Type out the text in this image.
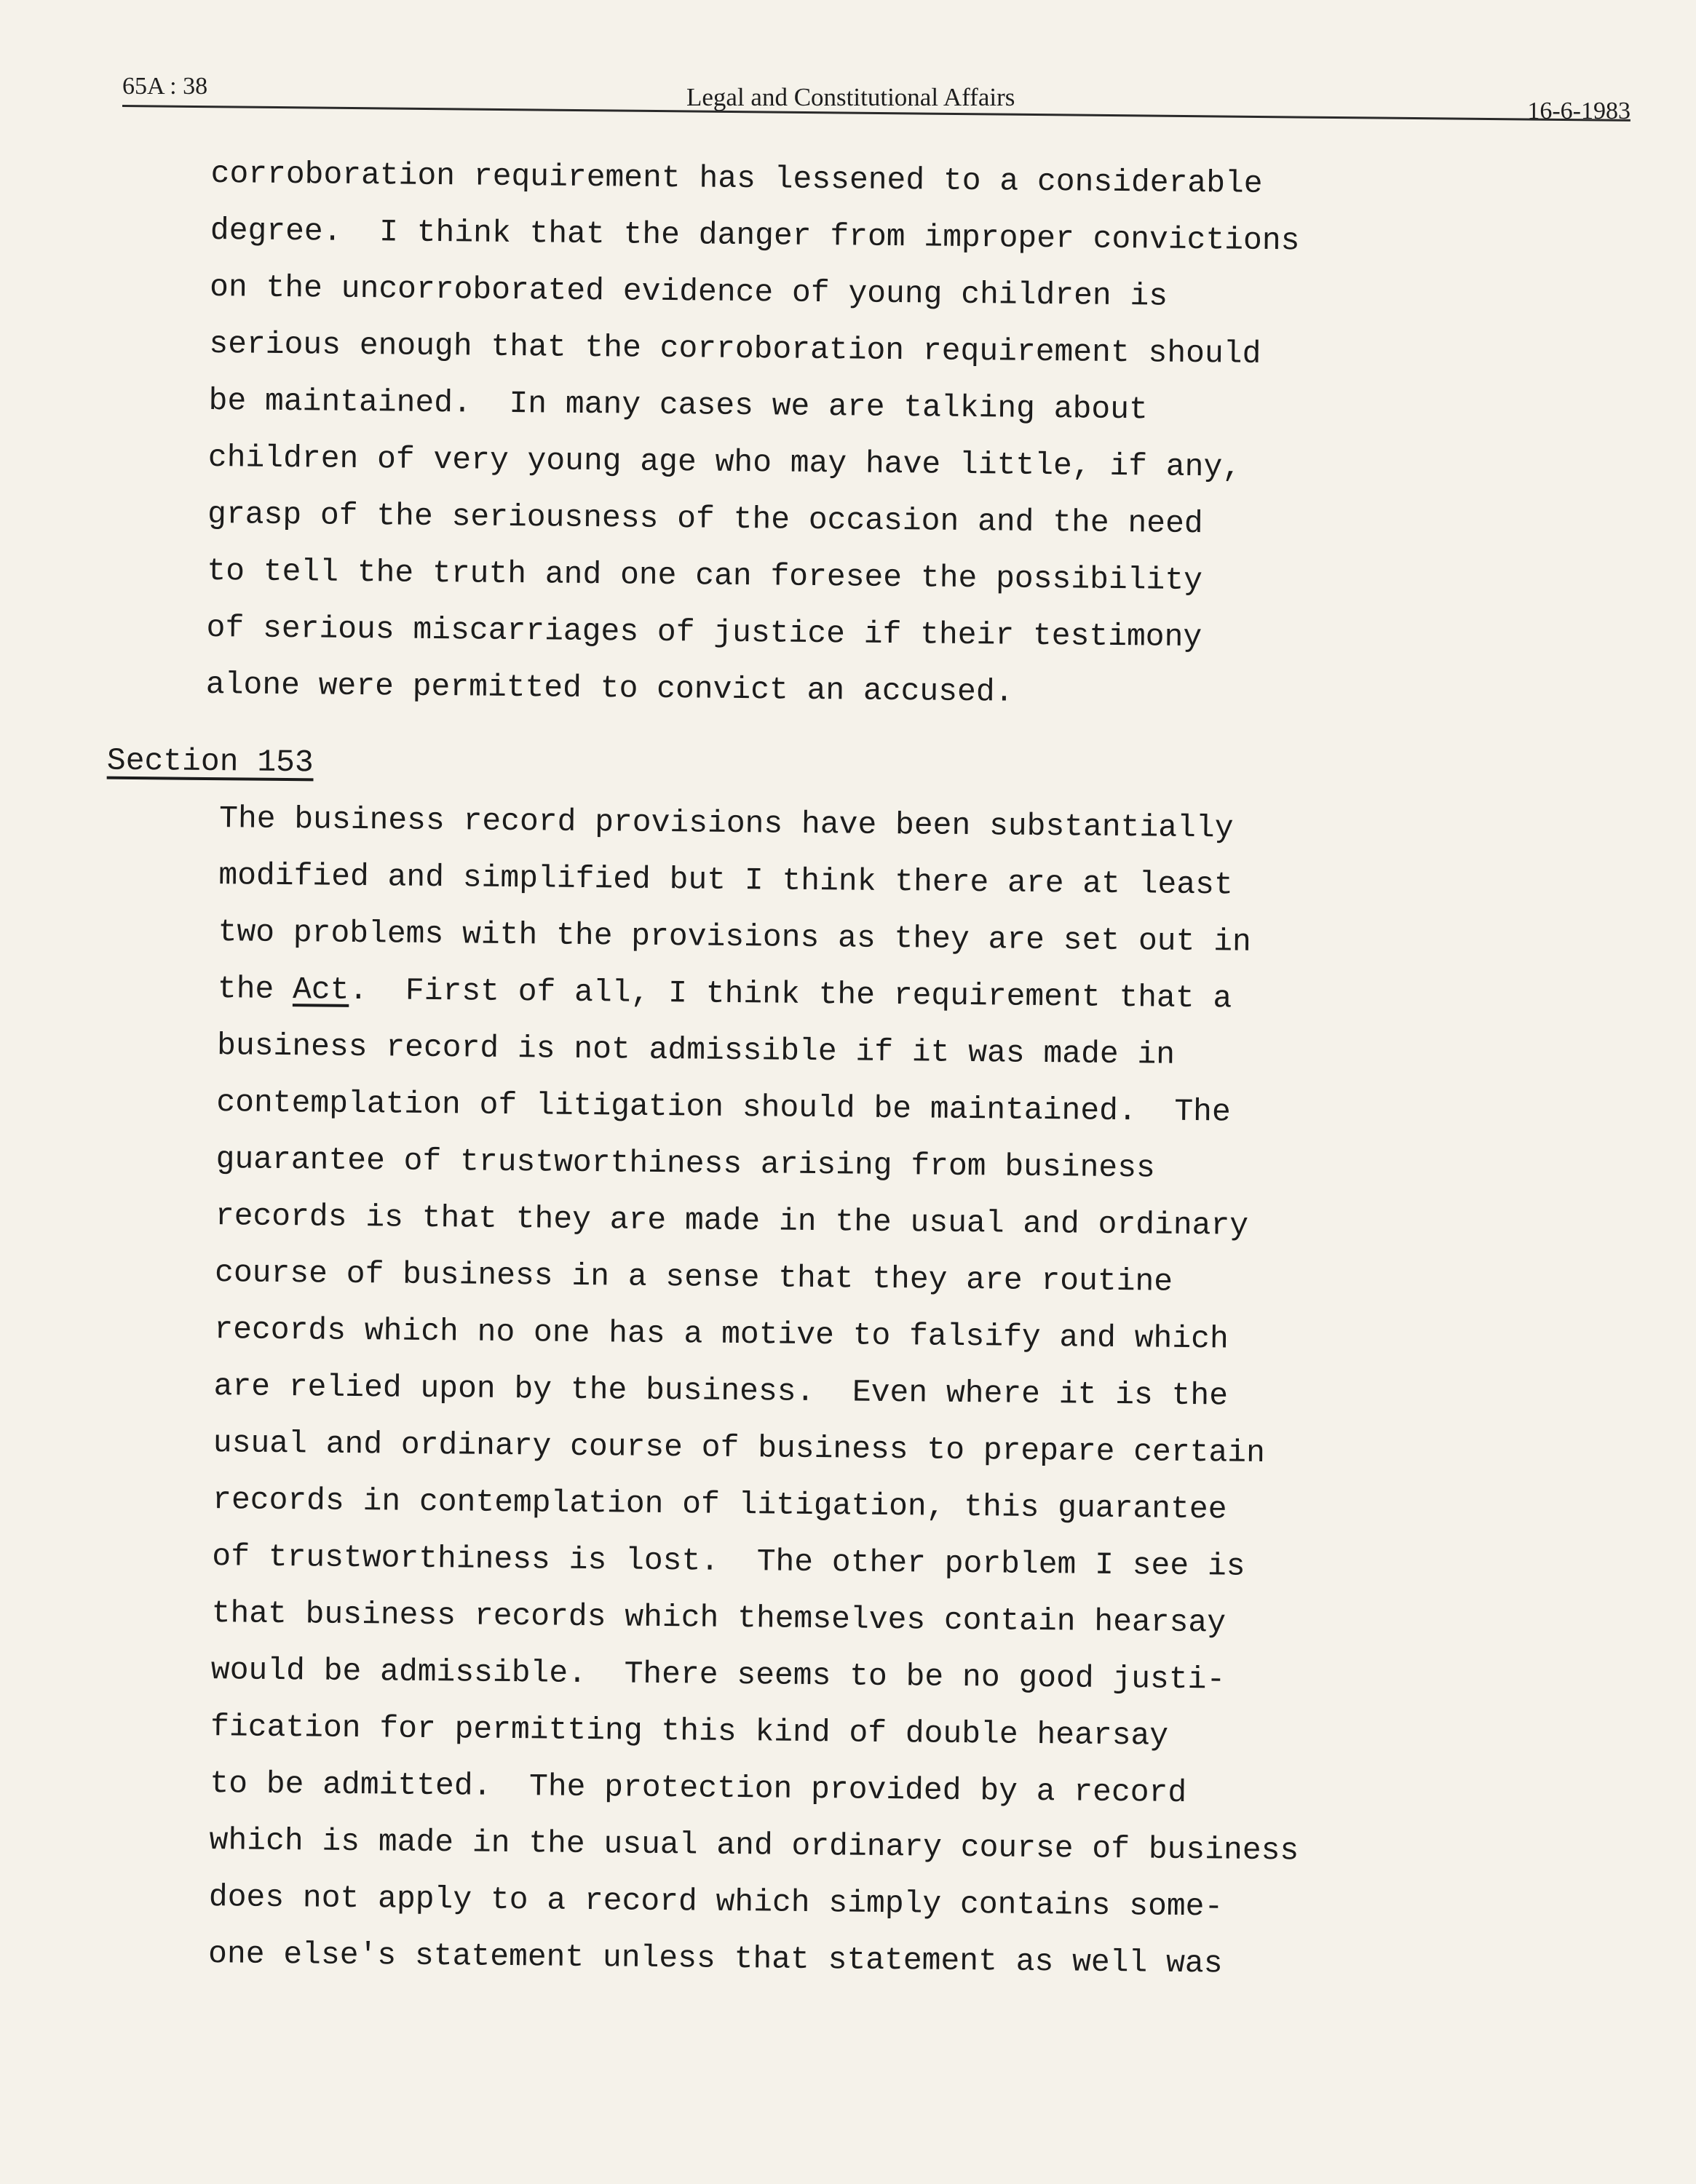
65A : 38	Legal and Constitutional Affairs	16-6-1983
corroboration requirement has lessened to a considerable
degree.  I think that the danger from improper convictions
on the uncorroborated evidence of young children is
serious enough that the corroboration requirement should
be maintained.  In many cases we are talking about
children of very young age who may have little, if any,
grasp of the seriousness of the occasion and the need
to tell the truth and one can foresee the possibility
of serious miscarriages of justice if their testimony
alone were permitted to convict an accused.
Section 153
The business record provisions have been substantially
modified and simplified but I think there are at least
two problems with the provisions as they are set out in
the Act.  First of all, I think the requirement that a
business record is not admissible if it was made in
contemplation of litigation should be maintained.  The
guarantee of trustworthiness arising from business
records is that they are made in the usual and ordinary
course of business in a sense that they are routine
records which no one has a motive to falsify and which
are relied upon by the business.  Even where it is the
usual and ordinary course of business to prepare certain
records in contemplation of litigation, this guarantee
of trustworthiness is lost.  The other porblem I see is
that business records which themselves contain hearsay
would be admissible.  There seems to be no good justi-
fication for permitting this kind of double hearsay
to be admitted.  The protection provided by a record
which is made in the usual and ordinary course of business
does not apply to a record which simply contains some-
one else's statement unless that statement as well was
